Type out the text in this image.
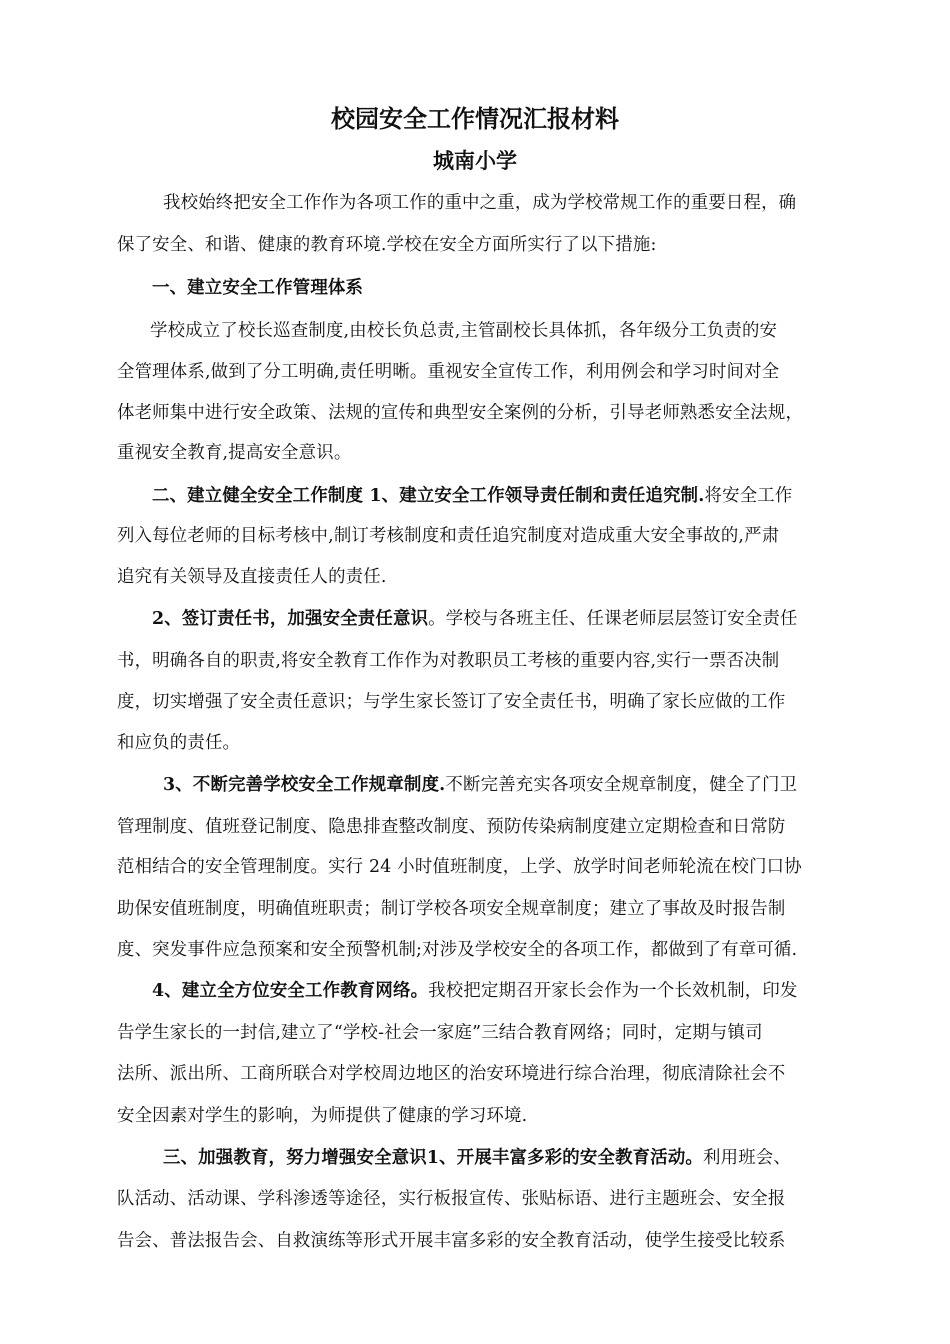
校园安全工作情况汇报材料
城南小学
我校始终把安全工作作为各项工作的重中之重，成为学校常规工作的重要日程，确
保了安全、和谐、健康的教育环境.学校在安全方面所实行了以下措施:
一、建立安全工作管理体系
学校成立了校长巡查制度,由校长负总责,主管副校长具体抓，各年级分工负责的安
全管理体系,做到了分工明确,责任明晰。重视安全宣传工作，利用例会和学习时间对全
体老师集中进行安全政策、法规的宣传和典型安全案例的分析，引导老师熟悉安全法规，
重视安全教育,提高安全意识。
二、建立健全安全工作制度 1、建立安全工作领导责任制和责任追究制.将安全工作
列入每位老师的目标考核中,制订考核制度和责任追究制度对造成重大安全事故的,严肃
追究有关领导及直接责任人的责任.
2、签订责任书，加强安全责任意识。学校与各班主任、任课老师层层签订安全责任
书，明确各自的职责,将安全教育工作作为对教职员工考核的重要内容,实行一票否决制
度，切实增强了安全责任意识；与学生家长签订了安全责任书，明确了家长应做的工作
和应负的责任。
3、不断完善学校安全工作规章制度.不断完善充实各项安全规章制度，健全了门卫
管理制度、值班登记制度、隐患排查整改制度、预防传染病制度建立定期检查和日常防
范相结合的安全管理制度。实行 24 小时值班制度，上学、放学时间老师轮流在校门口协
助保安值班制度，明确值班职责；制订学校各项安全规章制度；建立了事故及时报告制
度、突发事件应急预案和安全预警机制;对涉及学校安全的各项工作，都做到了有章可循.
4、建立全方位安全工作教育网络。我校把定期召开家长会作为一个长效机制，印发
告学生家长的一封信,建立了“学校-社会一家庭”三结合教育网络；同时，定期与镇司
法所、派出所、工商所联合对学校周边地区的治安环境进行综合治理，彻底清除社会不
安全因素对学生的影响，为师提供了健康的学习环境.
三、加强教育，努力增强安全意识1、开展丰富多彩的安全教育活动。利用班会、
队活动、活动课、学科渗透等途径，实行板报宣传、张贴标语、进行主题班会、安全报
告会、普法报告会、自救演练等形式开展丰富多彩的安全教育活动，使学生接受比较系
